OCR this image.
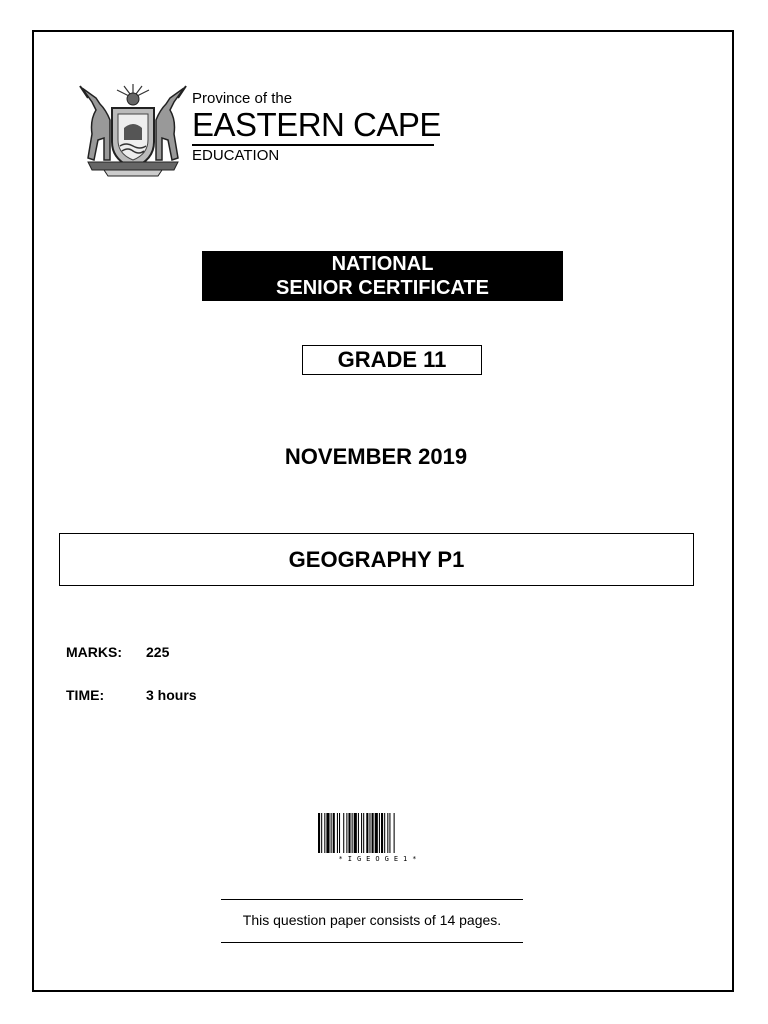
Province of the
EASTERN CAPE
EDUCATION
NATIONAL
SENIOR CERTIFICATE
GRADE 11
NOVEMBER 2019
GEOGRAPHY P1
MARKS: 225
TIME:	3 hours
*IGEOGE1*
This question paper consists of 14 pages.
